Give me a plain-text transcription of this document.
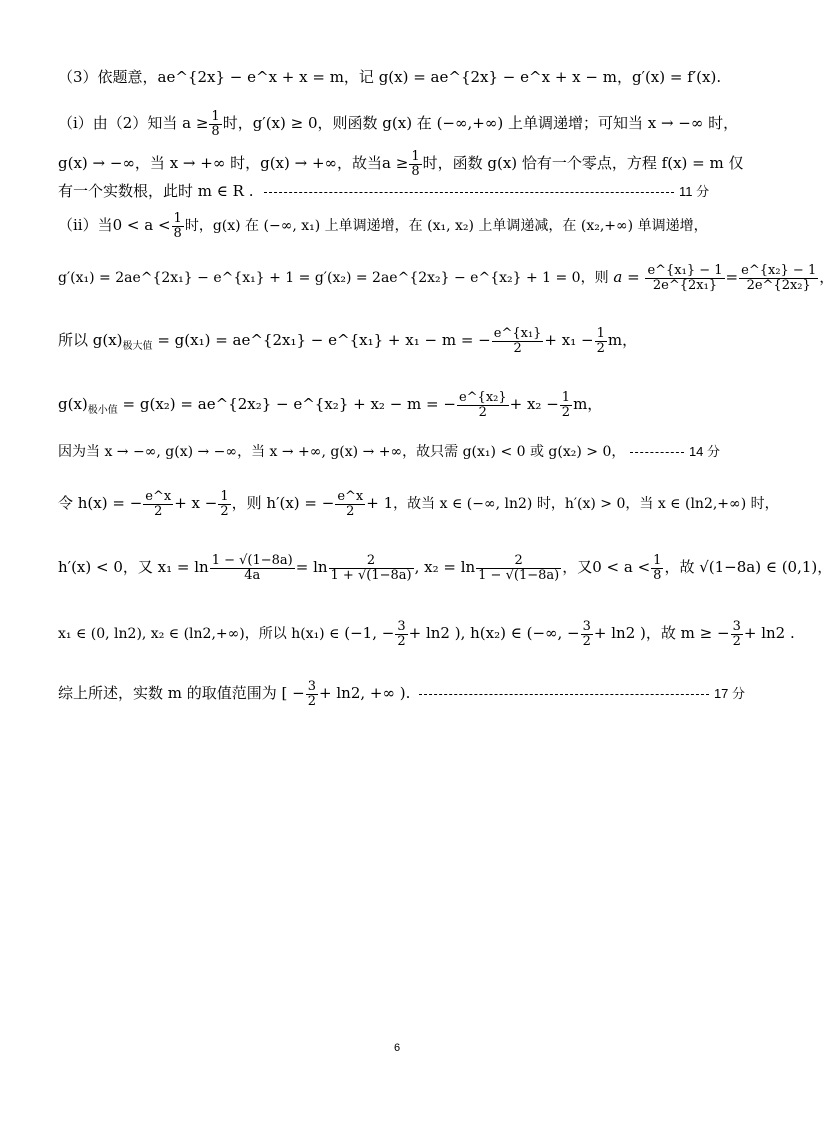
（3）依题意，ae^{2x} − e^x + x = m，记 g(x) = ae^{2x} − e^x + x − m，g′(x) = f′(x).
（i）由（2）知当 $a \ge \frac{1}{8}$ 时，g′(x) ≥ 0，则函数 g(x) 在 (−∞,+∞) 上单调递增；可知当 x → −∞ 时，
g(x) → −∞，当 x → +∞ 时，g(x) → +∞，故当$a \ge \frac{1}{8}$ 时，函数 g(x) 恰有一个零点，方程 f(x) = m 仅
有一个实数根，此时 m ∈ R .	11 分
（ii）当$0 < a < \frac{1}{8}$ 时，g(x) 在 (−∞, x₁) 上单调递增，在 (x₁, x₂) 上单调递减，在 (x₂,+∞) 单调递增，
g′(x₁) = 2ae^{2x₁} − e^{x₁} + 1 = g′(x₂) = 2ae^{2x₂} − e^{x₂} + 1 = 0，则 $a = \frac{\text{e\textasciicircum{}\{x₁\} − 1}}{\text{2e\textasciicircum{}\{2x₁\}}} = \frac{\text{e\textasciicircum{}\{x₂\} − 1}}{\text{2e\textasciicircum{}\{2x₂\}}}$ ，
所以 $g(x)_{极大值} = g(x_1)$ = ae^{2x₁} − e^{x₁} + x₁ − m = − $\frac{\text{e\textasciicircum{}\{x₁\}}}{2} + x_1 - \frac{1}{2}$ m，
$g(x)_{极小值} = g(x_2)$ = ae^{2x₂} − e^{x₂} + x₂ − m = − $\frac{\text{e\textasciicircum{}\{x₂\}}}{2} + x_2 - \frac{1}{2}$ m，
因为当 x → −∞, g(x) → −∞，当 x → +∞, g(x) → +∞，故只需 g(x₁) < 0 或 g(x₂) > 0，	14 分
令 h(x) = − $\frac{e\^{}x}{2} + x - \frac{1}{2}$ ，则 h′(x) = − $\frac{e\^{}x}{2} + 1$，故当 x ∈ (−∞, ln2) 时，h′(x) > 0，当 x ∈ (ln2,+∞) 时，
h′(x) < 0，又 $x_1 = \ln \frac{1 - √(1-8a)}{4a} = \ln \frac{2}{1 + √(1-8a)}$ , $x_2 = \ln \frac{2}{1 - √(1-8a)}$ ，又$0 < a < \frac{1}{8}$ ，故 √(1−8a) ∈ (0,1)，
x₁ ∈ (0, ln2), x₂ ∈ (ln2,+∞)，所以 h(x₁) ∈ (−1, − $\frac{3}{2} + \ln 2$ ), h(x₂) ∈ (−∞, − $\frac{3}{2} + \ln 2$ )，故 m ≥ − $\frac{3}{2} + \ln 2$ .
综上所述，实数 m 的取值范围为 [ − $\frac{3}{2} + \ln 2$, +∞ ).	17 分
6
